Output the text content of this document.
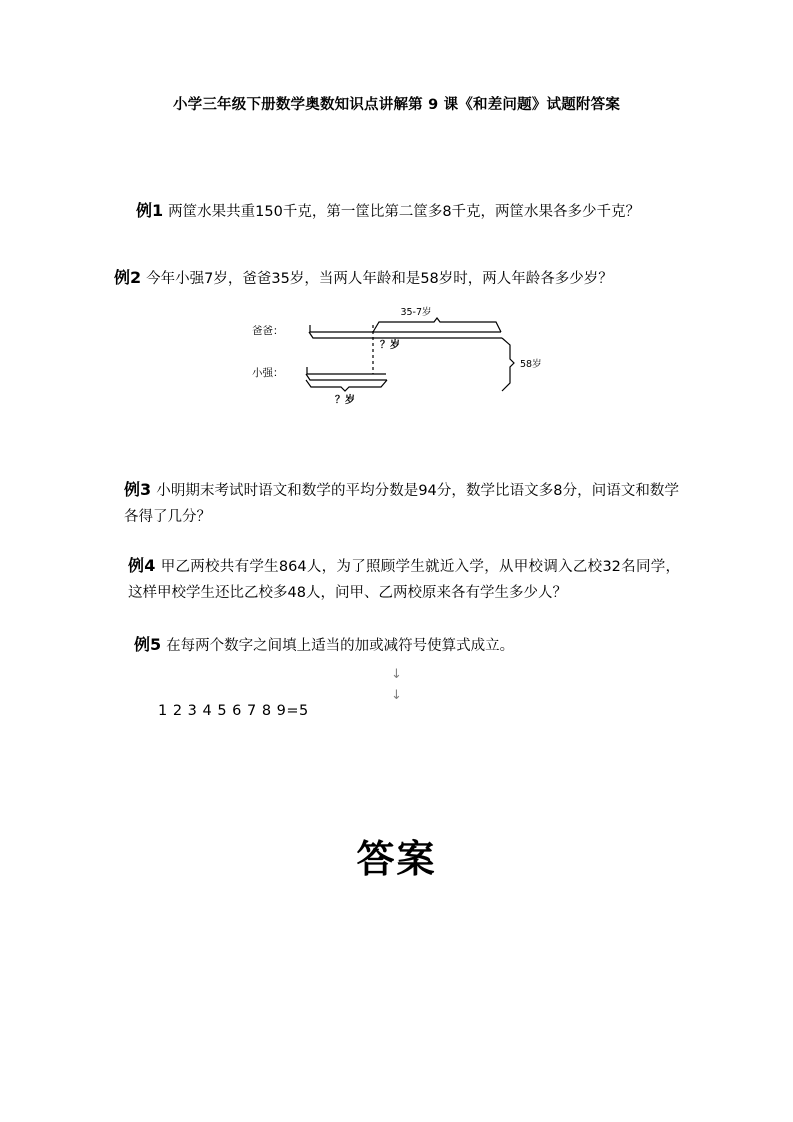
小学三年级下册数学奥数知识点讲解第 9 课《和差问题》试题附答案
例1 两筐水果共重150千克，第一筐比第二筐多8千克，两筐水果各多少千克？
例2 今年小强7岁，爸爸35岁，当两人年龄和是58岁时，两人年龄各多少岁？
爸爸：
小强：
35-7岁
？岁
？岁
58岁
例3 小明期末考试时语文和数学的平均分数是94分，数学比语文多8分，问语文和数学各得了几分？
例4 甲乙两校共有学生864人，为了照顾学生就近入学，从甲校调入乙校32名同学，这样甲校学生还比乙校多48人，问甲、乙两校原来各有学生多少人？
例5 在每两个数字之间填上适当的加或减符号使算式成立。
↓
↓
1 2 3 4 5 6 7 8 9=5
答案
